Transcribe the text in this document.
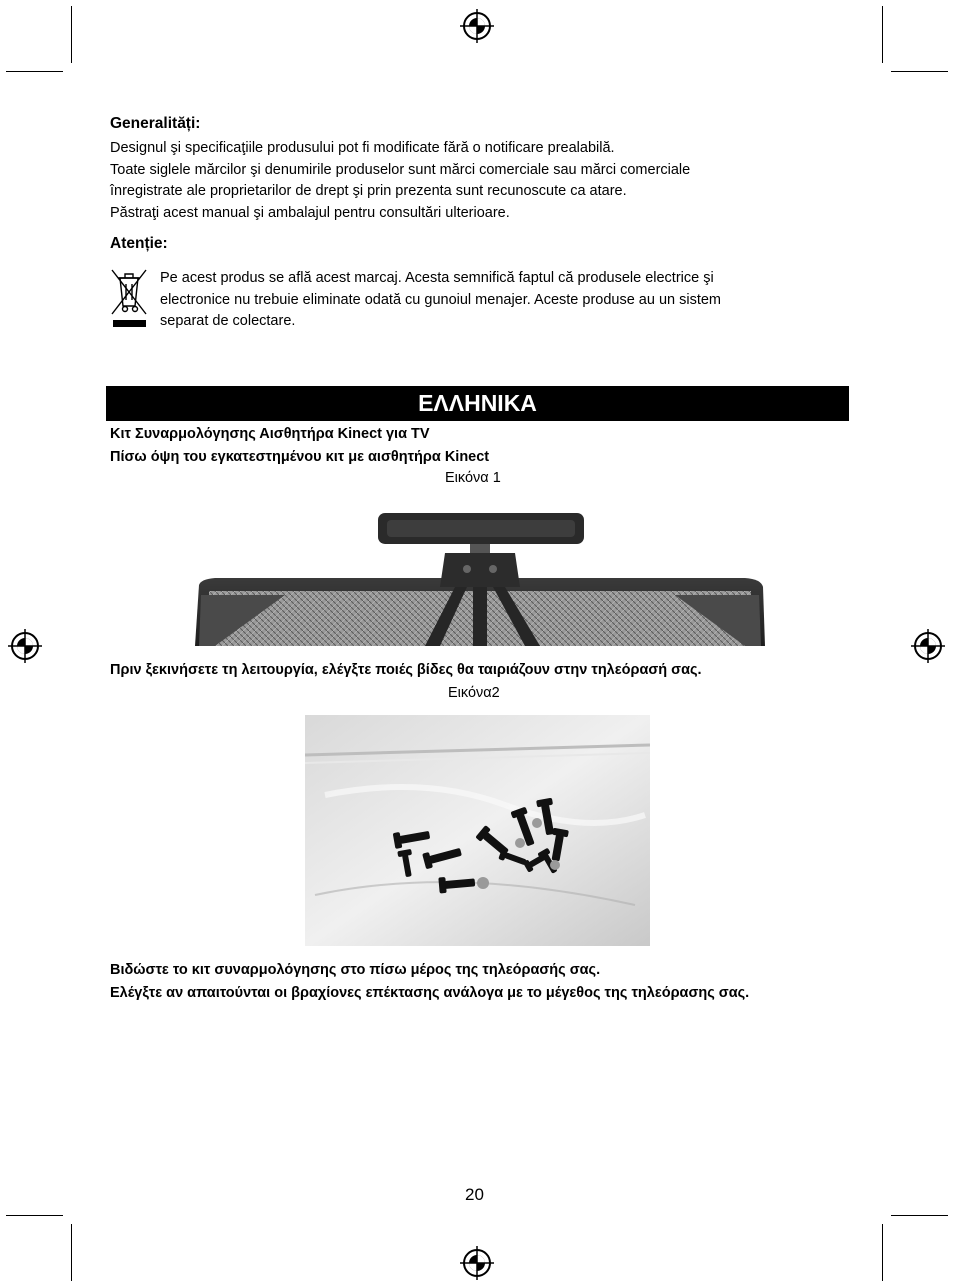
Generalități:
Designul şi specificaţiile produsului pot fi modificate fără o notificare prealabilă.
Toate siglele mărcilor şi denumirile produselor sunt mărci comerciale sau mărci comerciale
înregistrate ale proprietarilor de drept şi prin prezenta sunt recunoscute ca atare.
Păstraţi acest manual şi ambalajul pentru consultări ulterioare.
Atenție:
Pe acest produs se află acest marcaj. Acesta semnifică faptul că produsele electrice şi
electronice nu trebuie eliminate odată cu gunoiul menajer. Aceste produse au un sistem
separat de colectare.
ΕΛΛΗΝΙΚΑ
Κιτ Συναρμολόγησης Αισθητήρα Kinect για TV
Πίσω όψη του εγκατεστημένου κιτ με αισθητήρα Kinect
Εικόνα 1
Πριν ξεκινήσετε τη λειτουργία, ελέγξτε ποιές βίδες θα ταιριάζουν στην τηλεόρασή σας.
Εικόνα2
Βιδώστε το κιτ συναρμολόγησης στο πίσω μέρος της τηλεόρασής σας.
Ελέγξτε αν απαιτούνται οι βραχίονες επέκτασης ανάλογα με το μέγεθος της τηλεόρασης σας.
20
